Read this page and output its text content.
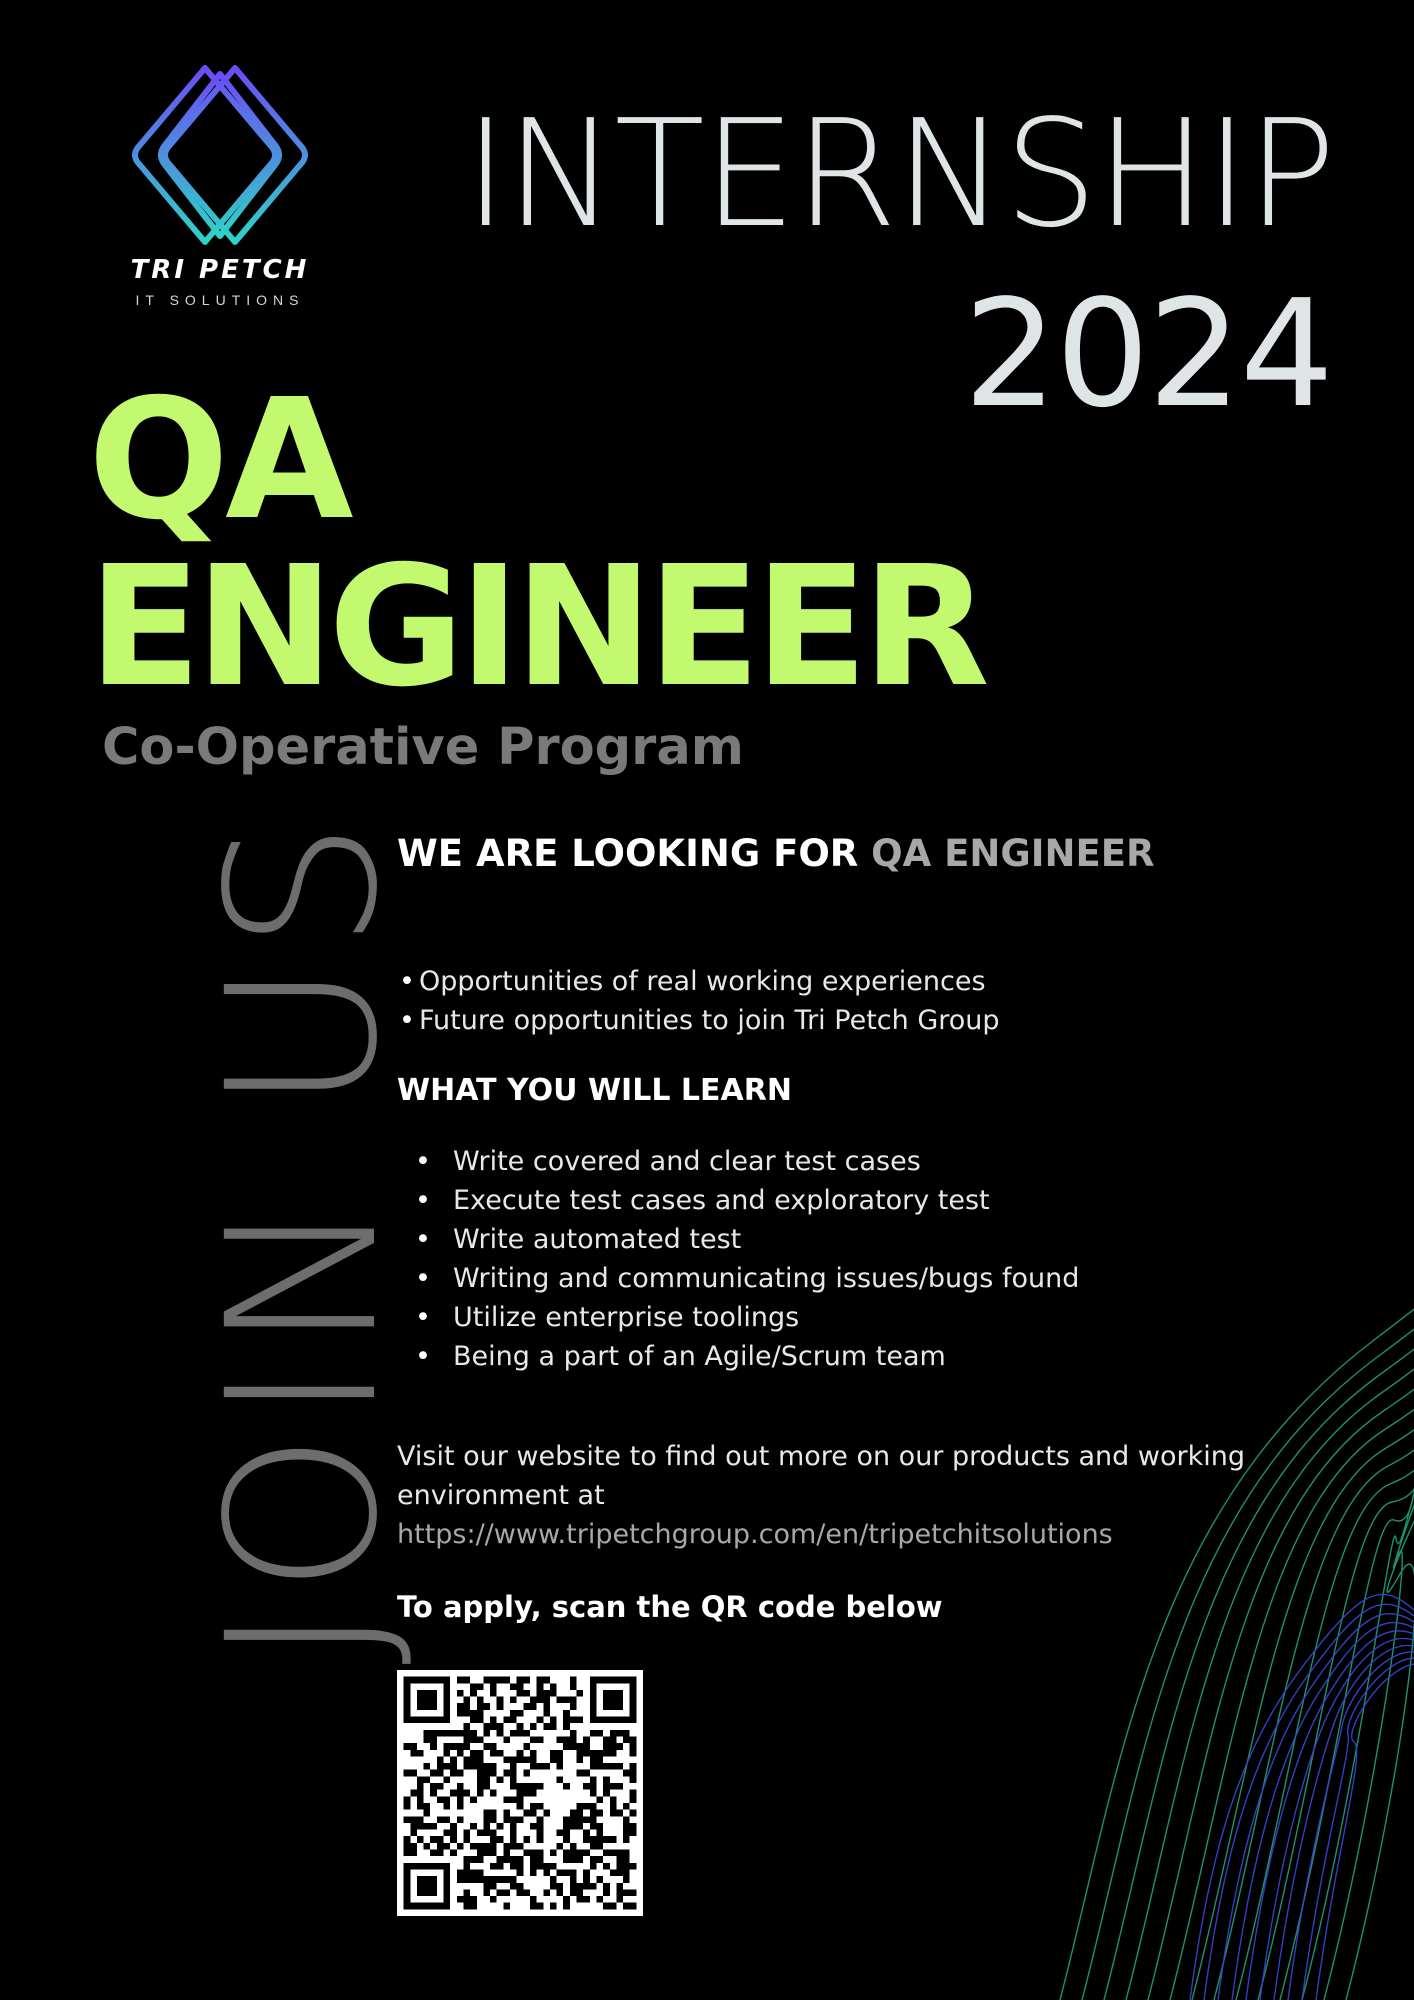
TRI PETCH
IT SOLUTIONS
INTERNSHIP
2024
QA
ENGINEER
Co-Operative Program
JOIN US
WE ARE LOOKING FOR QA ENGINEER
• Opportunities of real working experiences
• Future opportunities to join Tri Petch Group
WHAT YOU WILL LEARN
• Write covered and clear test cases
• Execute test cases and exploratory test
• Write automated test
• Writing and communicating issues/bugs found
• Utilize enterprise toolings
• Being a part of an Agile/Scrum team
Visit our website to find out more on our products and working environment at
https://www.tripetchgroup.com/en/tripetchitsolutions
To apply, scan the QR code below
